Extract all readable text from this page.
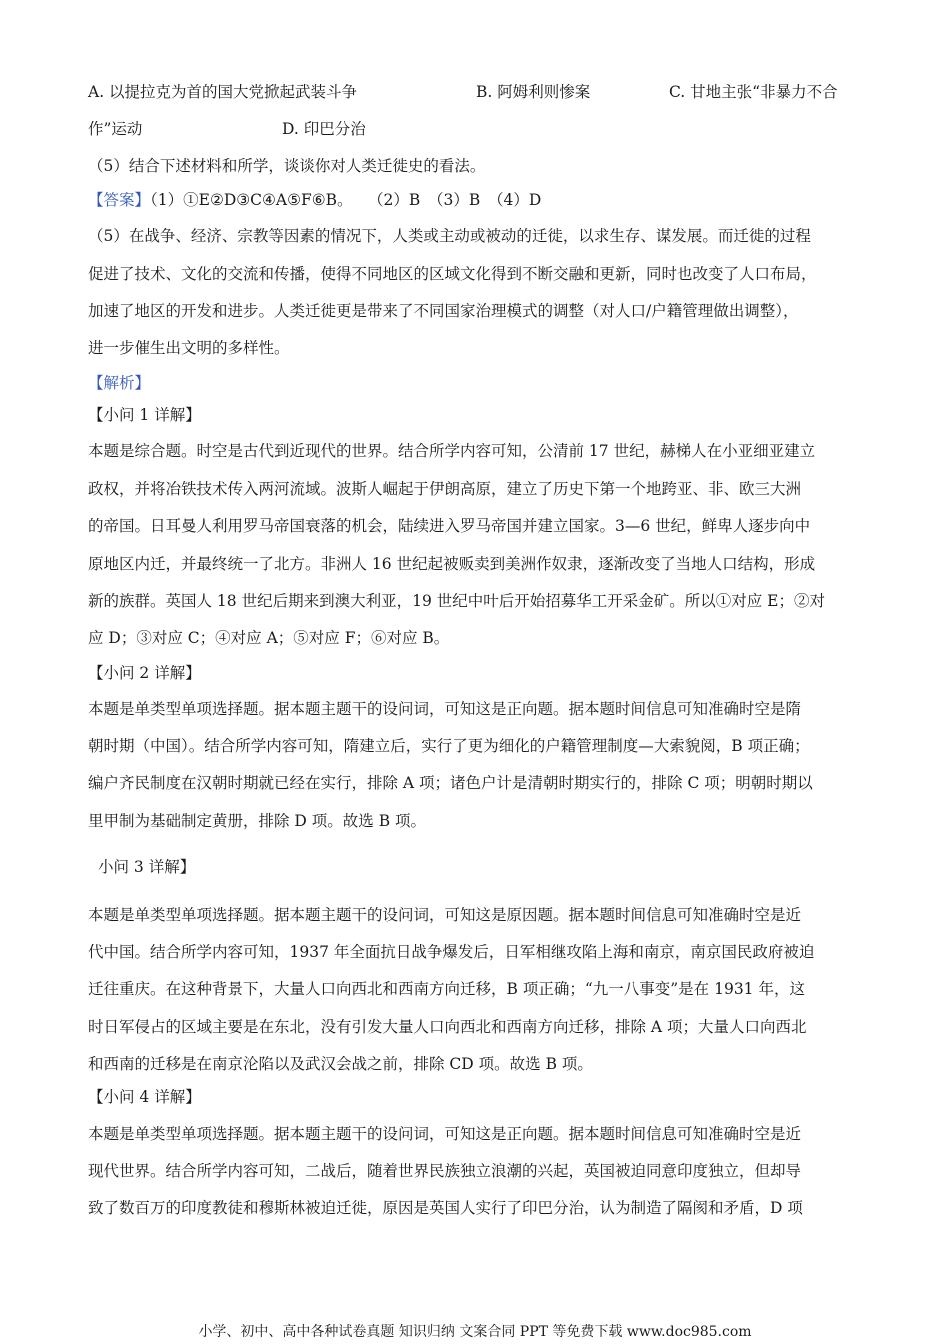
A. 以提拉克为首的国大党掀起武装斗争	B. 阿姆利则惨案	C. 甘地主张“非暴力不合
作”运动	D. 印巴分治
（5）结合下述材料和所学，谈谈你对人类迁徙史的看法。
【答案】（1）①E②D③C④A⑤F⑥B。　　（2）B　（3）B　（4）D
（5）在战争、经济、宗教等因素的情况下，人类或主动或被动的迁徙，以求生存、谋发展。而迁徙的过程
促进了技术、文化的交流和传播，使得不同地区的区域文化得到不断交融和更新，同时也改变了人口布局，
加速了地区的开发和进步。人类迁徙更是带来了不同国家治理模式的调整（对人口/户籍管理做出调整），
进一步催生出文明的多样性。
【解析】
【小问 1 详解】
本题是综合题。时空是古代到近现代的世界。结合所学内容可知，公清前 17 世纪，赫梯人在小亚细亚建立
政权，并将冶铁技术传入两河流域。波斯人崛起于伊朗高原，建立了历史下第一个地跨亚、非、欧三大洲
的帝国。日耳曼人利用罗马帝国衰落的机会，陆续进入罗马帝国并建立国家。3—6 世纪，鲜卑人逐步向中
原地区内迁，并最终统一了北方。非洲人 16 世纪起被贩卖到美洲作奴隶，逐渐改变了当地人口结构，形成
新的族群。英国人 18 世纪后期来到澳大利亚，19 世纪中叶后开始招募华工开采金矿。所以①对应 E；②对
应 D；③对应 C；④对应 A；⑤对应 F；⑥对应 B。
【小问 2 详解】
本题是单类型单项选择题。据本题主题干的设问词，可知这是正向题。据本题时间信息可知准确时空是隋
朝时期（中国）。结合所学内容可知，隋建立后，实行了更为细化的户籍管理制度—大索貌阅，B 项正确；
编户齐民制度在汉朝时期就已经在实行，排除 A 项；诸色户计是清朝时期实行的，排除 C 项；明朝时期以
里甲制为基础制定黄册，排除 D 项。故选 B 项。
小问 3 详解】
本题是单类型单项选择题。据本题主题干的设问词，可知这是原因题。据本题时间信息可知准确时空是近
代中国。结合所学内容可知，1937 年全面抗日战争爆发后，日军相继攻陷上海和南京，南京国民政府被迫
迁往重庆。在这种背景下，大量人口向西北和西南方向迁移，B 项正确；“九一八事变”是在 1931 年，这
时日军侵占的区域主要是在东北，没有引发大量人口向西北和西南方向迁移，排除 A 项；大量人口向西北
和西南的迁移是在南京沦陷以及武汉会战之前，排除 CD 项。故选 B 项。
【小问 4 详解】
本题是单类型单项选择题。据本题主题干的设问词，可知这是正向题。据本题时间信息可知准确时空是近
现代世界。结合所学内容可知，二战后，随着世界民族独立浪潮的兴起，英国被迫同意印度独立，但却导
致了数百万的印度教徒和穆斯林被迫迁徙，原因是英国人实行了印巴分治，认为制造了隔阂和矛盾，D 项
小学、初中、高中各种试卷真题 知识归纳 文案合同 PPT 等免费下载 www.doc985.com
